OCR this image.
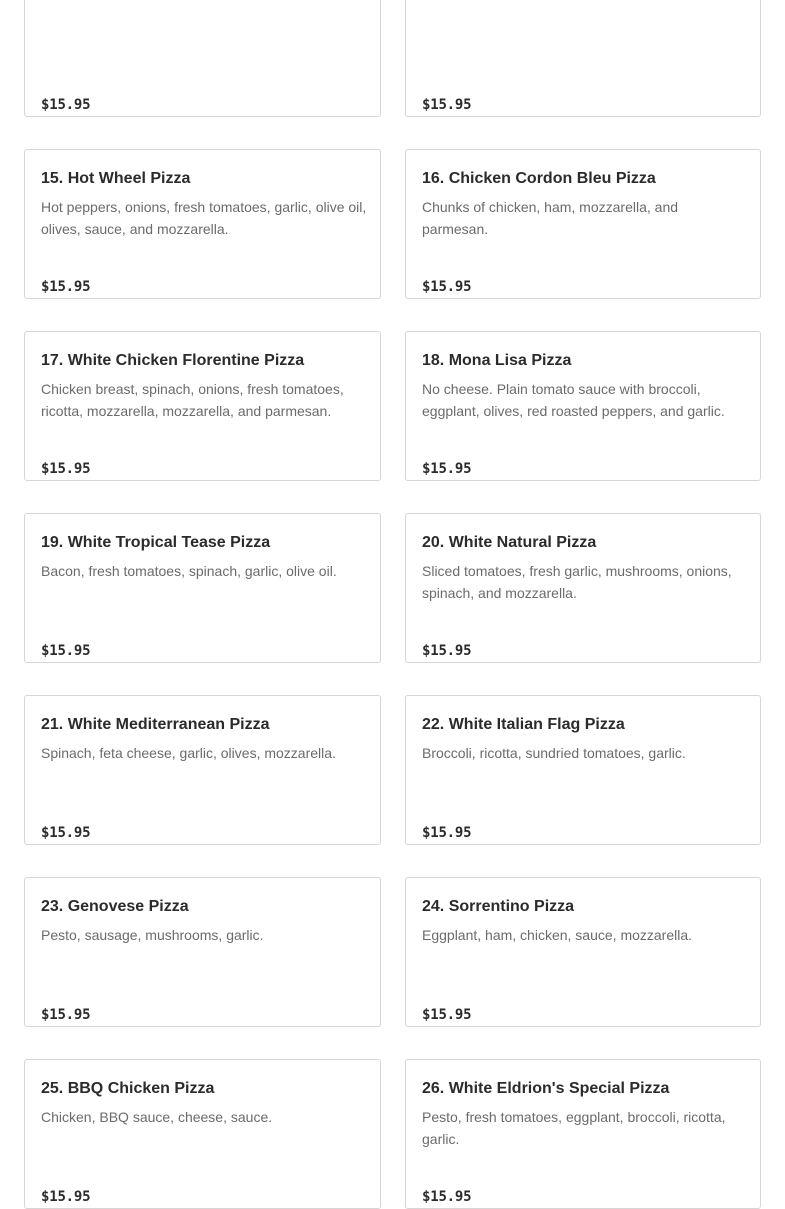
$15.95	$15.95
15. Hot Wheel Pizza
Hot peppers, onions, fresh tomatoes, garlic, olive oil, olives, sauce, and mozzarella.
$15.95
16. Chicken Cordon Bleu Pizza
Chunks of chicken, ham, mozzarella, and parmesan.
$15.95
17. White Chicken Florentine Pizza
Chicken breast, spinach, onions, fresh tomatoes, ricotta, mozzarella, mozzarella, and parmesan.
$15.95
18. Mona Lisa Pizza
No cheese. Plain tomato sauce with broccoli, eggplant, olives, red roasted peppers, and garlic.
$15.95
19. White Tropical Tease Pizza
Bacon, fresh tomatoes, spinach, garlic, olive oil.
$15.95
20. White Natural Pizza
Sliced tomatoes, fresh garlic, mushrooms, onions, spinach, and mozzarella.
$15.95
21. White Mediterranean Pizza
Spinach, feta cheese, garlic, olives, mozzarella.
$15.95
22. White Italian Flag Pizza
Broccoli, ricotta, sundried tomatoes, garlic.
$15.95
23. Genovese Pizza
Pesto, sausage, mushrooms, garlic.
$15.95
24. Sorrentino Pizza
Eggplant, ham, chicken, sauce, mozzarella.
$15.95
25. BBQ Chicken Pizza
Chicken, BBQ sauce, cheese, sauce.
$15.95
26. White Eldrion's Special Pizza
Pesto, fresh tomatoes, eggplant, broccoli, ricotta, garlic.
$15.95
